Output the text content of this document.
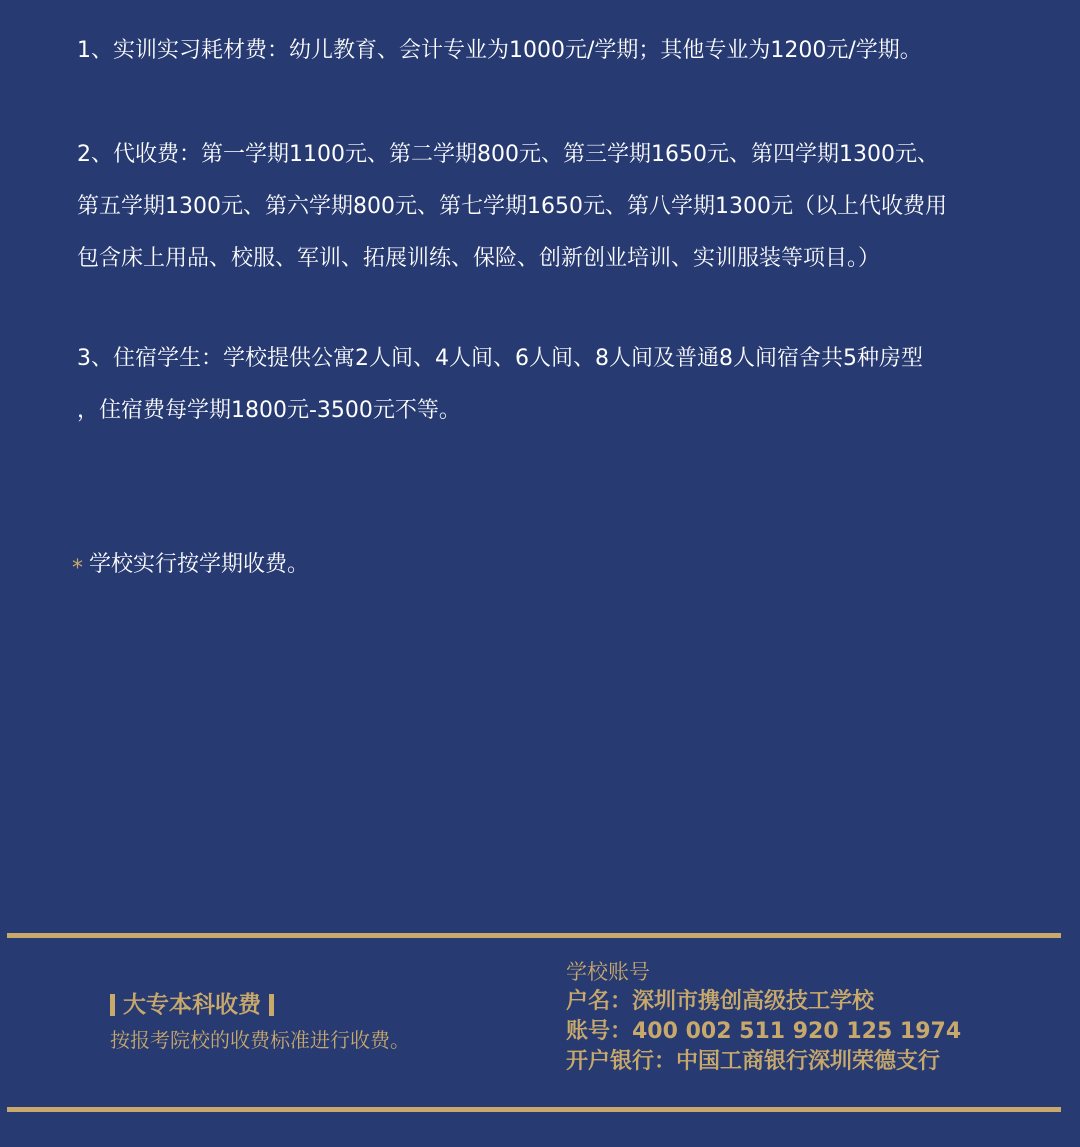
1、实训实习耗材费：幼儿教育、会计专业为1000元/学期；其他专业为1200元/学期。
2、代收费：第一学期1100元、第二学期800元、第三学期1650元、第四学期1300元、
第五学期1300元、第六学期800元、第七学期1650元、第八学期1300元（以上代收费用
包含床上用品、校服、军训、拓展训练、保险、创新创业培训、实训服装等项目。）
3、住宿学生：学校提供公寓2人间、4人间、6人间、8人间及普通8人间宿舍共5种房型
，住宿费每学期1800元-3500元不等。
* 学校实行按学期收费。
大专本科收费
按报考院校的收费标准进行收费。
学校账号
户名：深圳市携创高级技工学校
账号：400 002 511 920 125 1974
开户银行：中国工商银行深圳荣德支行
